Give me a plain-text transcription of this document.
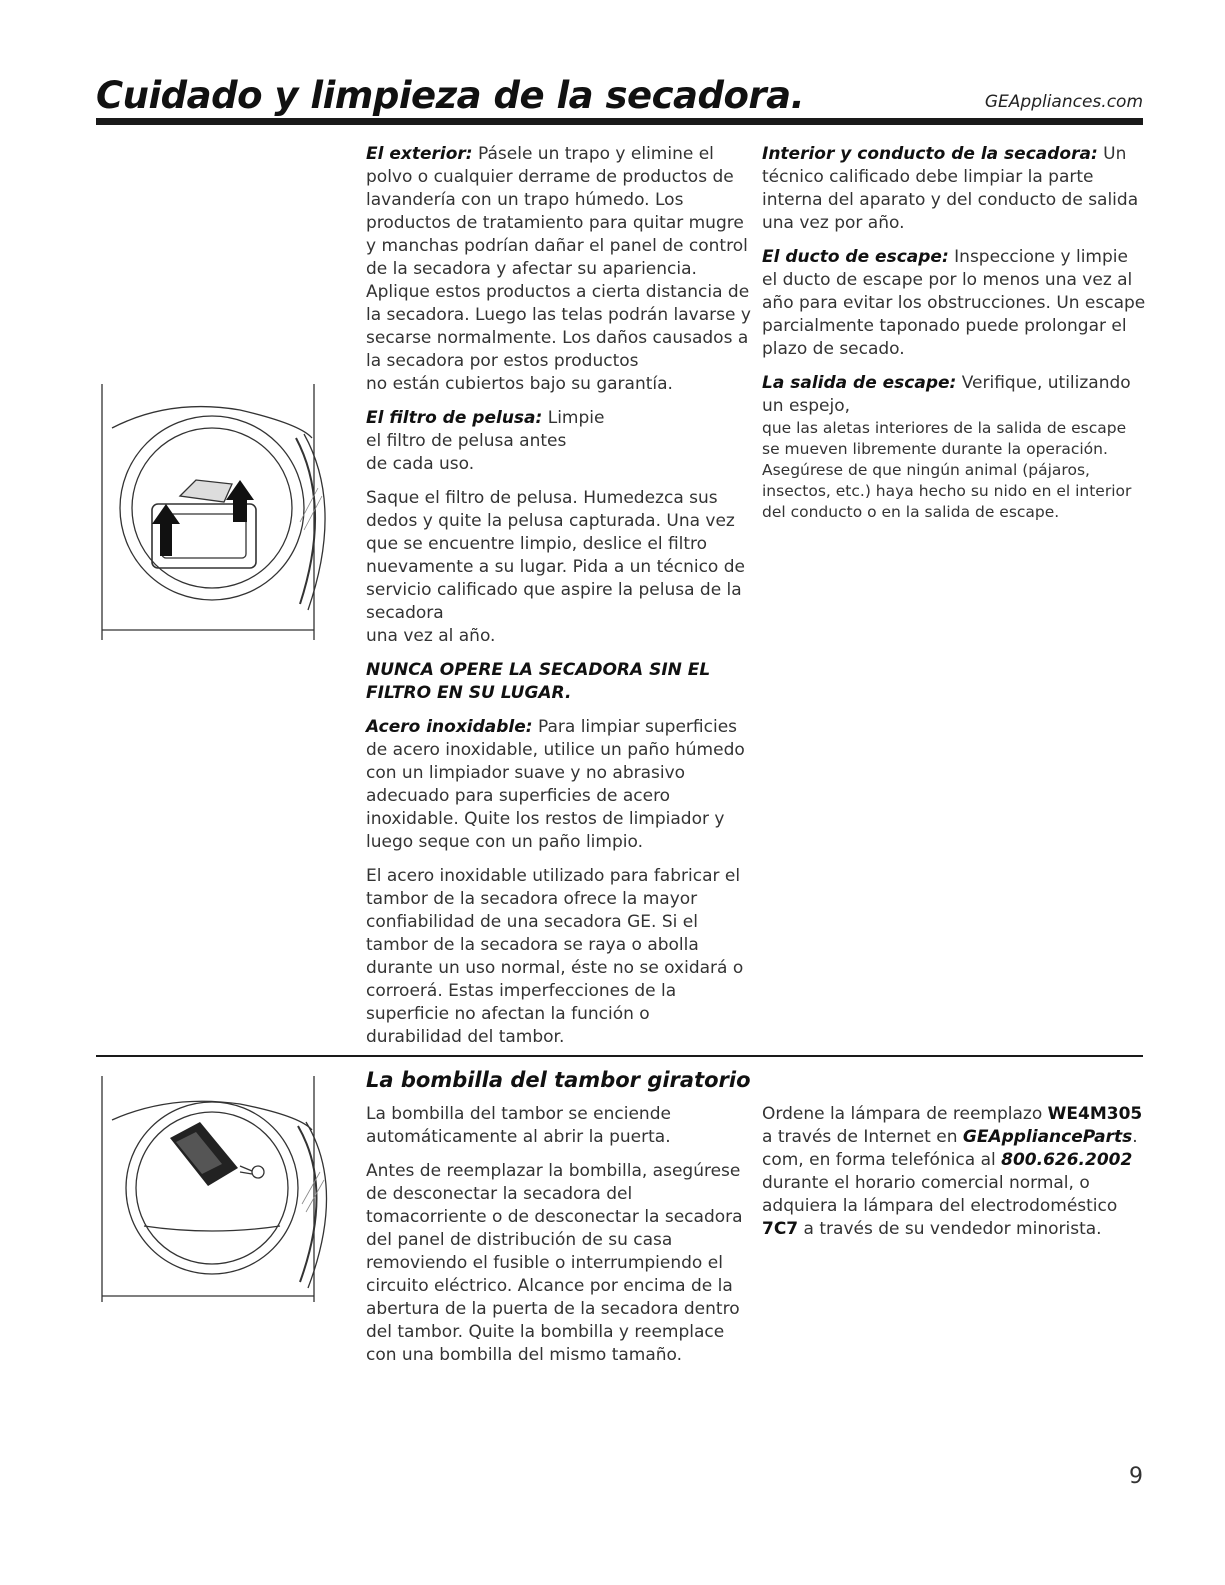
Cuidado y limpieza de la secadora.	GEAppliances.com

El exterior: Pásele un trapo y elimine el polvo o cualquier derrame de productos de lavandería con un trapo húmedo. Los productos de tratamiento para quitar mugre y manchas podrían dañar el panel de control de la secadora y afectar su apariencia. Aplique estos productos a cierta distancia de la secadora. Luego las telas podrán lavarse y secarse normalmente. Los daños causados a la secadora por estos productos
no están cubiertos bajo su garantía.

El filtro de pelusa: Limpie
el filtro de pelusa antes
de cada uso.

Saque el filtro de pelusa. Humedezca sus dedos y quite la pelusa capturada. Una vez que se encuentre limpio, deslice el filtro nuevamente a su lugar. Pida a un técnico de servicio calificado que aspire la pelusa de la secadora
una vez al año.

NUNCA OPERE LA SECADORA SIN EL FILTRO EN SU LUGAR.

Acero inoxidable: Para limpiar superficies de acero inoxidable, utilice un paño húmedo con un limpiador suave y no abrasivo adecuado para superficies de acero inoxidable. Quite los restos de limpiador y luego seque con un paño limpio.

El acero inoxidable utilizado para fabricar el tambor de la secadora ofrece la mayor confiabilidad de una secadora GE. Si el tambor de la secadora se raya o abolla durante un uso normal, éste no se oxidará o corroerá. Estas imperfecciones de la superficie no afectan la función o durabilidad del tambor.

Interior y conducto de la secadora: Un técnico calificado debe limpiar la parte interna del aparato y del conducto de salida una vez por año.

El ducto de escape: Inspeccione y limpie el ducto de escape por lo menos una vez al año para evitar los obstrucciones. Un escape parcialmente taponado puede prolongar el plazo de secado.

La salida de escape: Verifique, utilizando un espejo,
que las aletas interiores de la salida de escape se mueven libremente durante la operación. Asegúrese de que ningún animal (pájaros, insectos, etc.) haya hecho su nido en el interior del conducto o en la salida de escape.

La bombilla del tambor giratorio

La bombilla del tambor se enciende automáticamente al abrir la puerta.

Antes de reemplazar la bombilla, asegúrese de desconectar la secadora del tomacorriente o de desconectar la secadora del panel de distribución de su casa removiendo el fusible o interrumpiendo el circuito eléctrico. Alcance por encima de la abertura de la puerta de la secadora dentro del tambor. Quite la bombilla y reemplace con una bombilla del mismo tamaño.

Ordene la lámpara de reemplazo WE4M305 a través de Internet en GEApplianceParts. com, en forma telefónica al 800.626.2002 durante el horario comercial normal, o adquiera la lámpara del electrodoméstico 7C7 a través de su vendedor minorista.

9
